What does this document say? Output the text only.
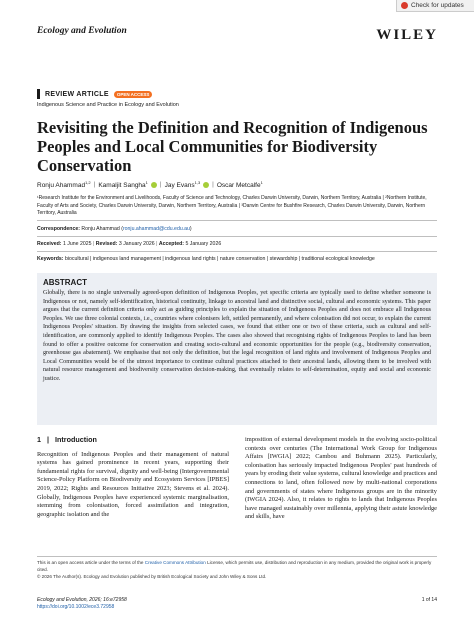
Check for updates
Ecology and Evolution	WILEY
REVIEW ARTICLE	OPEN ACCESS
Indigenous Science and Practice in Ecology and Evolution
Revisiting the Definition and Recognition of Indigenous Peoples and Local Communities for Biodiversity Conservation
Ronju Ahammad$^{1,2}$ | Kamaljit Sangha$^1$ | Jay Evans$^{1,3}$ | Oscar Metcalfe$^1$
¹Research Institute for the Environment and Livelihoods, Faculty of Science and Technology, Charles Darwin University, Darwin, Northern Territory, Australia | ²Northern Institute, Faculty of Arts and Society, Charles Darwin University, Darwin, Northern Territory, Australia | ³Darwin Centre for Bushfire Research, Charles Darwin University, Darwin, Northern Territory, Australia
Correspondence: Ronju Ahammad (ronju.ahammad@cdu.edu.au)
Received: 1 June 2025 | Revised: 3 January 2026 | Accepted: 5 January 2026
Keywords: biocultural | indigenous land management | indigenous land rights | nature conservation | stewardship | traditional ecological knowledge
ABSTRACT
Globally, there is no single universally agreed-upon definition of Indigenous Peoples, yet specific criteria are typically used to define whether someone is Indigenous or not, namely self-identification, historical continuity, linkage to ancestral land and distinctive social, cultural and economic systems. This paper argues that the current definition criteria only act as guiding principles to explain the situation of Indigenous Peoples and does not embrace all Indigenous Peoples. We use three colonial contexts, i.e., countries where colonisers left, settled permanently, and where colonisation did not occur, to explain the current Indigenous Peoples' situation. By drawing the insights from selected cases, we found that either one or two of these criteria, such as cultural and self-identification, are commonly applied to identify Indigenous Peoples. The cases also showed that recognising rights of Indigenous Peoples to land has been found to offer a positive outcome for conservation and creating socio-cultural and economic opportunities for the people (e.g., biodiversity conservation, greenhouse gas abatement). We emphasise that not only the definition, but the legal recognition of land rights and involvement of Indigenous Peoples and Local Communities would be of the utmost importance to continue cultural practices attached to their ancestral lands, allowing them to be involved with natural resource management and biodiversity conservation decision-making, that eventually relates to self-determination, equity and social and economic justice.
1 | Introduction
Recognition of Indigenous Peoples and their management of natural systems has gained prominence in recent years, supporting their fundamental rights for survival, dignity and well-being (Intergovernmental Science-Policy Platform on Biodiversity and Ecosystem Services [IPBES] 2019, 2022; Rights and Resources Initiative 2023; Stevens et al. 2024). Globally, Indigenous Peoples have experienced systemic marginalisation, stemming from colonisation, forced assimilation and integration, geographic isolation and the
imposition of external development models in the evolving socio-political contexts over centuries (The International Work Group for Indigenous Affairs [IWGIA] 2022; Cambou and Buhmann 2025). Particularly, colonisation has seriously impacted Indigenous Peoples' past hundreds of years by eroding their value systems, cultural knowledge and practices and connections to land, often followed now by multi-national corporations and governments of states where Indigenous groups are in the minority (IWGIA 2024). Also, it relates to rights to lands that Indigenous Peoples have managed sustainably over millennia, applying their astute knowledge and skills, have
This is an open access article under the terms of the Creative Commons Attribution License, which permits use, distribution and reproduction in any medium, provided the original work is properly cited.
© 2026 The Author(s). Ecology and Evolution published by British Ecological Society and John Wiley & Sons Ltd.
Ecology and Evolution, 2026; 16:e72958
https://doi.org/10.1002/ece3.72958
1 of 14
